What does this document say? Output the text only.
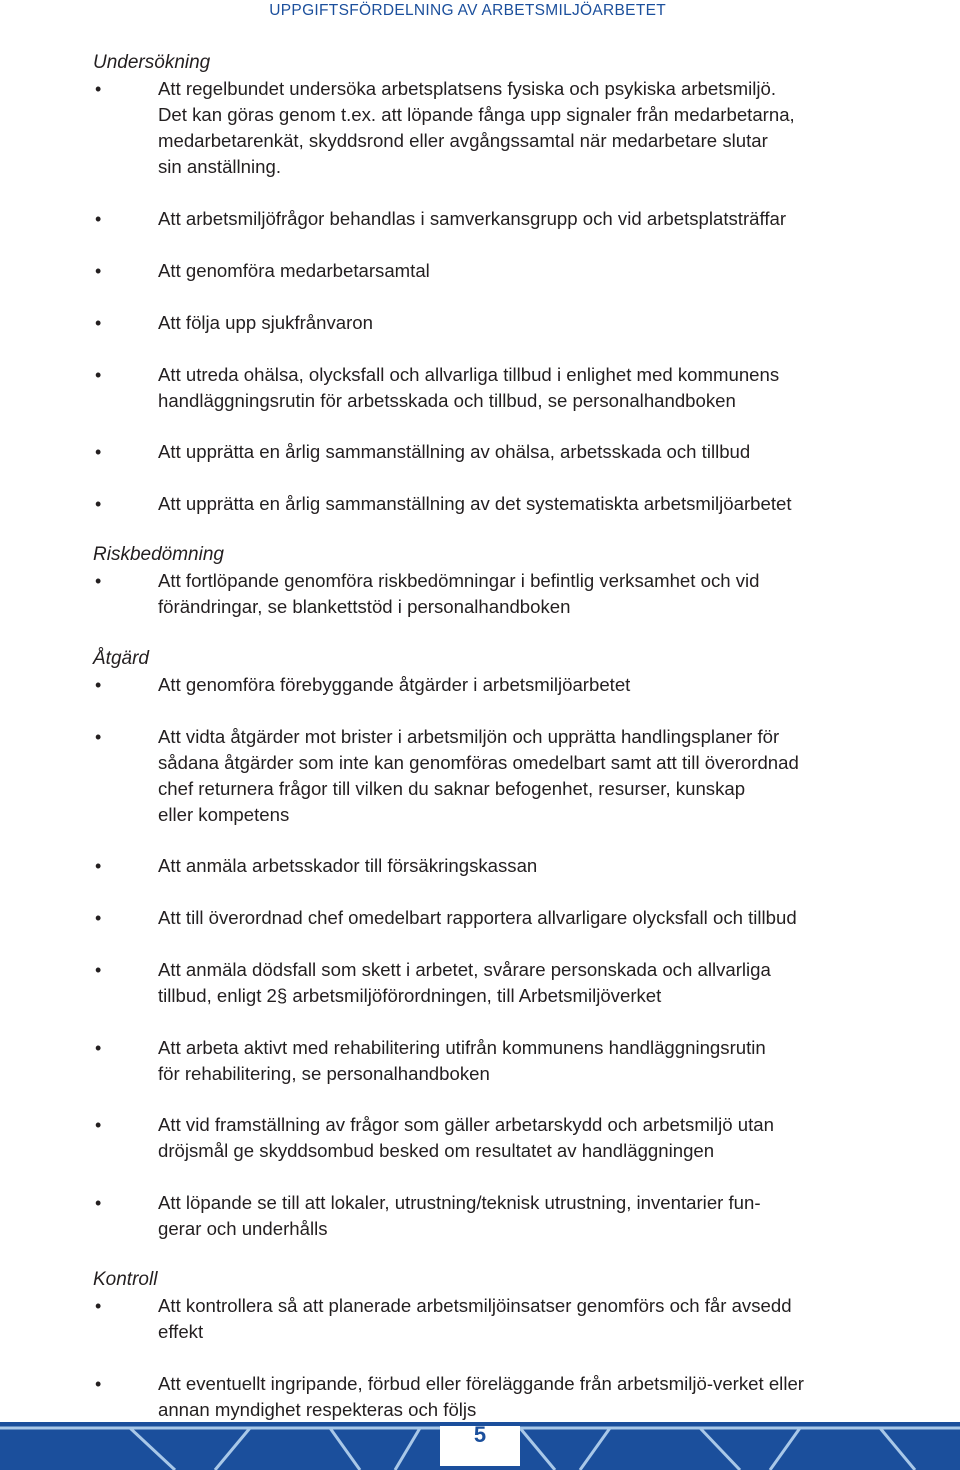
UPPGIFTSFÖRDELNING AV ARBETSMILJÖARBETET
Undersökning
•	Att regelbundet undersöka arbetsplatsens fysiska och psykiska arbetsmiljö.
Det kan göras genom t.ex. att löpande fånga upp signaler från medarbetarna,
medarbetarenkät, skyddsrond eller avgångssamtal när medarbetare slutar
sin anställning.
•	Att arbetsmiljöfrågor behandlas i samverkansgrupp och vid arbetsplatsträffar
•	Att genomföra medarbetarsamtal
•	Att följa upp sjukfrånvaron
•	Att utreda ohälsa, olycksfall och allvarliga tillbud i enlighet med kommunens
handläggningsrutin för arbetsskada och tillbud, se personalhandboken
•	Att upprätta en årlig sammanställning av ohälsa, arbetsskada och tillbud
•	Att upprätta en årlig sammanställning av det systematiskta arbetsmiljöarbetet
Riskbedömning
•	Att fortlöpande genomföra riskbedömningar i befintlig verksamhet och vid
förändringar, se blankettstöd i personalhandboken
Åtgärd
•	Att genomföra förebyggande åtgärder i arbetsmiljöarbetet
•	Att vidta åtgärder mot brister i arbetsmiljön och upprätta handlingsplaner för
sådana åtgärder som inte kan genomföras omedelbart samt att till överordnad
chef returnera frågor till vilken du saknar befogenhet, resurser, kunskap
eller kompetens
•	Att anmäla arbetsskador till försäkringskassan
•	Att till överordnad chef omedelbart rapportera allvarligare olycksfall och tillbud
•	Att anmäla dödsfall som skett i arbetet, svårare personskada och allvarliga
tillbud, enligt 2§ arbetsmiljöförordningen, till Arbetsmiljöverket
•	Att arbeta aktivt med rehabilitering utifrån kommunens handläggningsrutin
för rehabilitering, se personalhandboken
•	Att vid framställning av frågor som gäller arbetarskydd och arbetsmiljö utan
dröjsmål ge skyddsombud besked om resultatet av handläggningen
•	Att löpande se till att lokaler, utrustning/teknisk utrustning, inventarier fun-
gerar och underhålls
Kontroll
•	Att kontrollera så att planerade arbetsmiljöinsatser genomförs och får avsedd
effekt
•	Att eventuellt ingripande, förbud eller föreläggande från arbetsmiljö-verket eller
annan myndighet respekteras och följs
5
